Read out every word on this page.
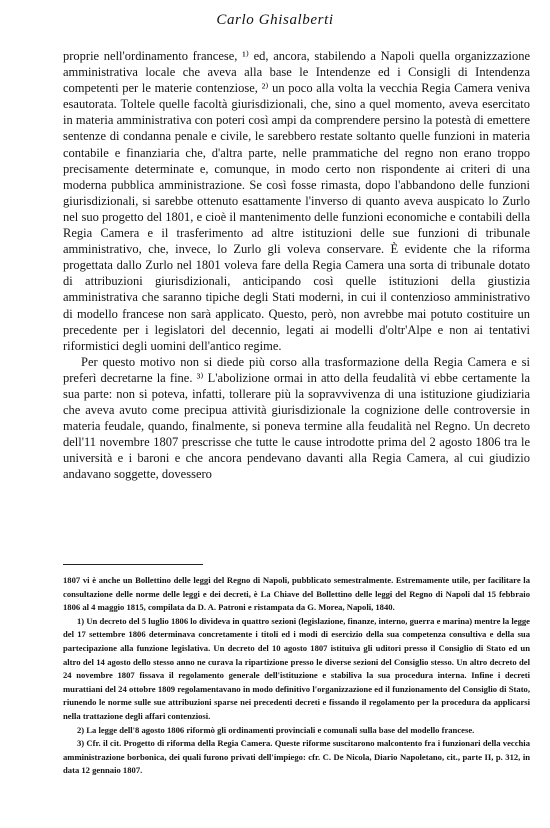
Carlo Ghisalberti

proprie nell'ordinamento francese, ¹⁾ ed, ancora, stabilendo a Napoli quella organizzazione amministrativa locale che aveva alla base le Intendenze ed i Consigli di Intendenza competenti per le materie contenziose, ²⁾ un poco alla volta la vecchia Regia Camera veniva esautorata. Toltele quelle facoltà giurisdizionali, che, sino a quel momento, aveva esercitato in materia amministrativa con poteri così ampi da comprendere persino la potestà di emettere sentenze di condanna penale e civile, le sarebbero restate soltanto quelle funzioni in materia contabile e finanziaria che, d'altra parte, nelle prammatiche del regno non erano troppo precisamente determinate e, comunque, in modo certo non rispondente ai criteri di una moderna pubblica amministrazione. Se così fosse rimasta, dopo l'abbandono delle funzioni giurisdizionali, si sarebbe ottenuto esattamente l'inverso di quanto aveva auspicato lo Zurlo nel suo progetto del 1801, e cioè il mantenimento delle funzioni economiche e contabili della Regia Camera e il trasferimento ad altre istituzioni delle sue funzioni di tribunale amministrativo, che, invece, lo Zurlo gli voleva conservare. È evidente che la riforma progettata dallo Zurlo nel 1801 voleva fare della Regia Camera una sorta di tribunale dotato di attribuzioni giurisdizionali, anticipando così quelle istituzioni della giustizia amministrativa che saranno tipiche degli Stati moderni, in cui il contenzioso amministrativo di modello francese non sarà applicato. Questo, però, non avrebbe mai potuto costituire un precedente per i legislatori del decennio, legati ai modelli d'oltr'Alpe e non ai tentativi riformistici degli uomini dell'antico regime.

Per questo motivo non si diede più corso alla trasformazione della Regia Camera e si preferì decretarne la fine. ³⁾ L'abolizione ormai in atto della feudalità vi ebbe certamente la sua parte: non si poteva, infatti, tollerare più la sopravvivenza di una istituzione giudiziaria che aveva avuto come precipua attività giurisdizionale la cognizione delle controversie in materia feudale, quando, finalmente, si poneva termine alla feudalità nel Regno. Un decreto dell'11 novembre 1807 prescrisse che tutte le cause introdotte prima del 2 agosto 1806 tra le università e i baroni e che ancora pendevano davanti alla Regia Camera, al cui giudizio andavano soggette, dovessero

1807 vi è anche un Bollettino delle leggi del Regno di Napoli, pubblicato semestralmente. Estremamente utile, per facilitare la consultazione delle norme delle leggi e dei decreti, è La Chiave del Bollettino delle leggi del Regno di Napoli dal 15 febbraio 1806 al 4 maggio 1815, compilata da D. A. Patroni e ristampata da G. Morea, Napoli, 1840.

1) Un decreto del 5 luglio 1806 lo divideva in quattro sezioni (legislazione, finanze, interno, guerra e marina) mentre la legge del 17 settembre 1806 determinava concretamente i titoli ed i modi di esercizio della sua competenza consultiva e della sua partecipazione alla funzione legislativa. Un decreto del 10 agosto 1807 istituiva gli uditori presso il Consiglio di Stato ed un altro del 14 agosto dello stesso anno ne curava la ripartizione presso le diverse sezioni del Consiglio stesso. Un altro decreto del 24 novembre 1807 fissava il regolamento generale dell'istituzione e stabiliva la sua procedura interna. Infine i decreti murattiani del 24 ottobre 1809 regolamentavano in modo definitivo l'organizzazione ed il funzionamento del Consiglio di Stato, riunendo le norme sulle sue attribuzioni sparse nei precedenti decreti e fissando il regolamento per la procedura da applicarsi nella trattazione degli affari contenziosi.

2) La legge dell'8 agosto 1806 riformò gli ordinamenti provinciali e comunali sulla base del modello francese.

3) Cfr. il cit. Progetto di riforma della Regia Camera. Queste riforme suscitarono malcontento fra i funzionari della vecchia amministrazione borbonica, dei quali furono privati dell'impiego: cfr. C. De Nicola, Diario Napoletano, cit., parte II, p. 312, in data 12 gennaio 1807.
